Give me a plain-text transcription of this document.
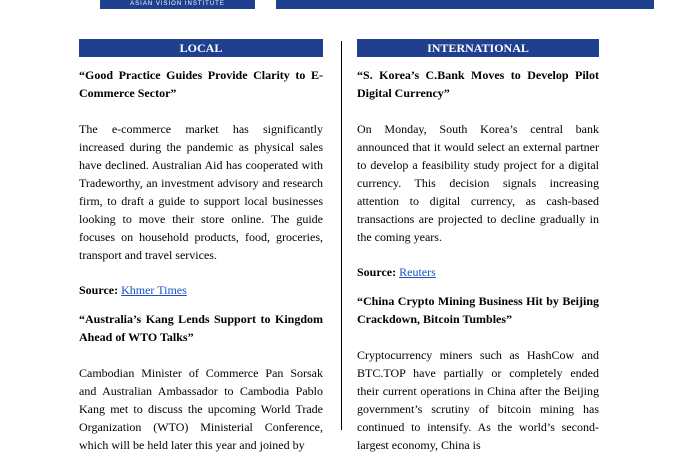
ASIAN VISION INSTITUTE
LOCAL

“Good Practice Guides Provide Clarity to E-Commerce Sector”

The e-commerce market has significantly increased during the pandemic as physical sales have declined. Australian Aid has cooperated with Tradeworthy, an investment advisory and research firm, to draft a guide to support local businesses looking to move their store online. The guide focuses on household products, food, groceries, transport and travel services.

Source: Khmer Times

“Australia’s Kang Lends Support to Kingdom Ahead of WTO Talks”

Cambodian Minister of Commerce Pan Sorsak and Australian Ambassador to Cambodia Pablo Kang met to discuss the upcoming World Trade Organization (WTO) Ministerial Conference, which will be held later this year and joined by

INTERNATIONAL

“S. Korea’s C.Bank Moves to Develop Pilot Digital Currency”

On Monday, South Korea’s central bank announced that it would select an external partner to develop a feasibility study project for a digital currency. This decision signals increasing attention to digital currency, as cash-based transactions are projected to decline gradually in the coming years.

Source: Reuters

“China Crypto Mining Business Hit by Beijing Crackdown, Bitcoin Tumbles”

Cryptocurrency miners such as HashCow and BTC.TOP have partially or completely ended their current operations in China after the Beijing government’s scrutiny of bitcoin mining has continued to intensify. As the world’s second-largest economy, China is
